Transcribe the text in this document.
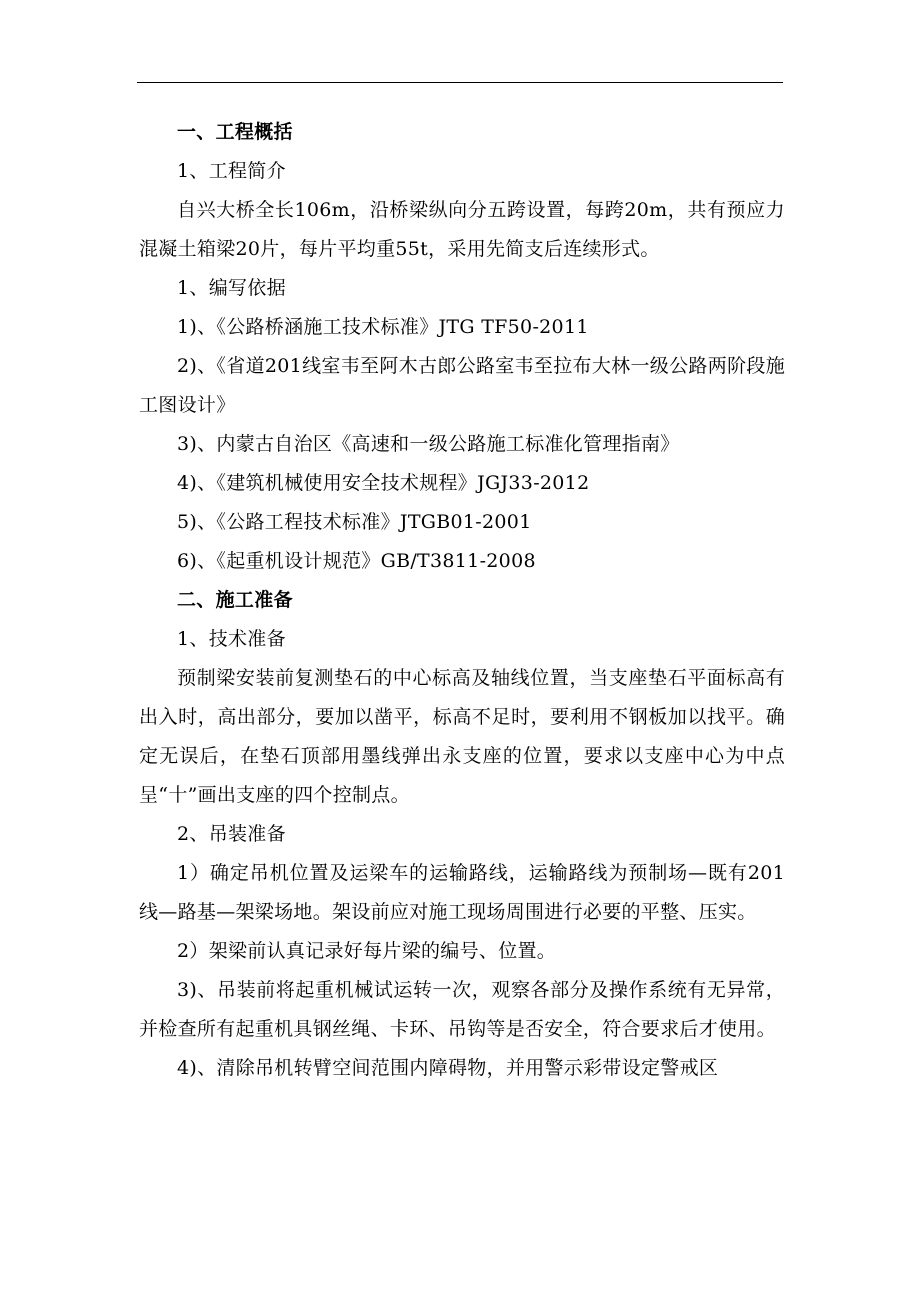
一、工程概括

1、工程简介

自兴大桥全长106m，沿桥梁纵向分五跨设置，每跨20m，共有预应力混凝土箱梁20片，每片平均重55t，采用先简支后连续形式。

1、编写依据

1)、《公路桥涵施工技术标准》JTG TF50-2011

2)、《省道201线室韦至阿木古郎公路室韦至拉布大林一级公路两阶段施工图设计》

3)、内蒙古自治区《高速和一级公路施工标准化管理指南》

4)、《建筑机械使用安全技术规程》JGJ33-2012

5)、《公路工程技术标准》JTGB01-2001

6)、《起重机设计规范》GB/T3811-2008

二、施工准备

1、技术准备

预制梁安装前复测垫石的中心标高及轴线位置，当支座垫石平面标高有出入时，高出部分，要加以凿平，标高不足时，要利用不钢板加以找平。确定无误后，在垫石顶部用墨线弹出永支座的位置，要求以支座中心为中点呈“十”画出支座的四个控制点。

2、吊装准备

1）确定吊机位置及运梁车的运输路线，运输路线为预制场—既有201线—路基—架梁场地。架设前应对施工现场周围进行必要的平整、压实。

2）架梁前认真记录好每片梁的编号、位置。

3)、吊装前将起重机械试运转一次，观察各部分及操作系统有无异常，并检查所有起重机具钢丝绳、卡环、吊钩等是否安全，符合要求后才使用。

4)、清除吊机转臂空间范围内障碍物，并用警示彩带设定警戒区
